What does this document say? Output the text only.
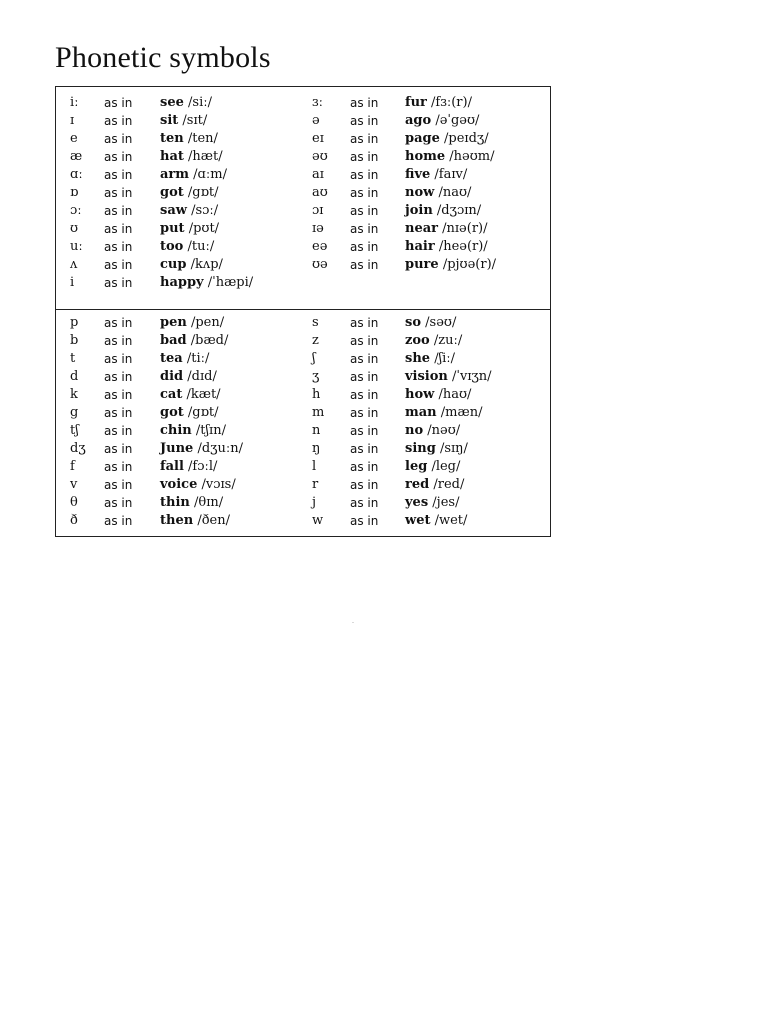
Phonetic symbols
iː as in see /siː/	ɜː as in fur /fɜː(r)/
ɪ as in sit /sɪt/	ə	as in ago /əˈgəʊ/
e as in ten /ten/	eɪ as in page /peɪdʒ/
æ as in hat /hæt/	əʊ as in home /həʊm/
ɑː as in arm /ɑːm/	aɪ as in five /faɪv/
ɒ as in got /gɒt/	aʊ as in now /naʊ/
ɔː as in saw /sɔː/	ɔɪ as in join /dʒɔɪn/
ʊ as in put /pʊt/	ɪə as in near /nɪə(r)/
uː as in too /tuː/	eə as in hair /heə(r)/
ʌ as in cup /kʌp/	ʊə as in pure /pjʊə(r)/
i as in happy /ˈhæpi/
p as in pen /pen/	s	as in so /səʊ/
b as in bad /bæd/	z	as in zoo /zuː/
t as in tea /tiː/	ʃ	as in she /ʃiː/
d as in did /dɪd/	ʒ	as in vision /ˈvɪʒn/
k as in cat /kæt/	h as in how /haʊ/
g as in got /gɒt/	m as in man /mæn/
tʃ as in chin /tʃɪn/	n as in no /nəʊ/
dʒ as in June /dʒuːn/	ŋ as in sing /sɪŋ/
f as in fall /fɔːl/	l	as in leg /leg/
v as in voice /vɔɪs/	r	as in red /red/
θ as in thin /θɪn/	j	as in yes /jes/
ð as in then /ðen/	w as in wet /wet/
